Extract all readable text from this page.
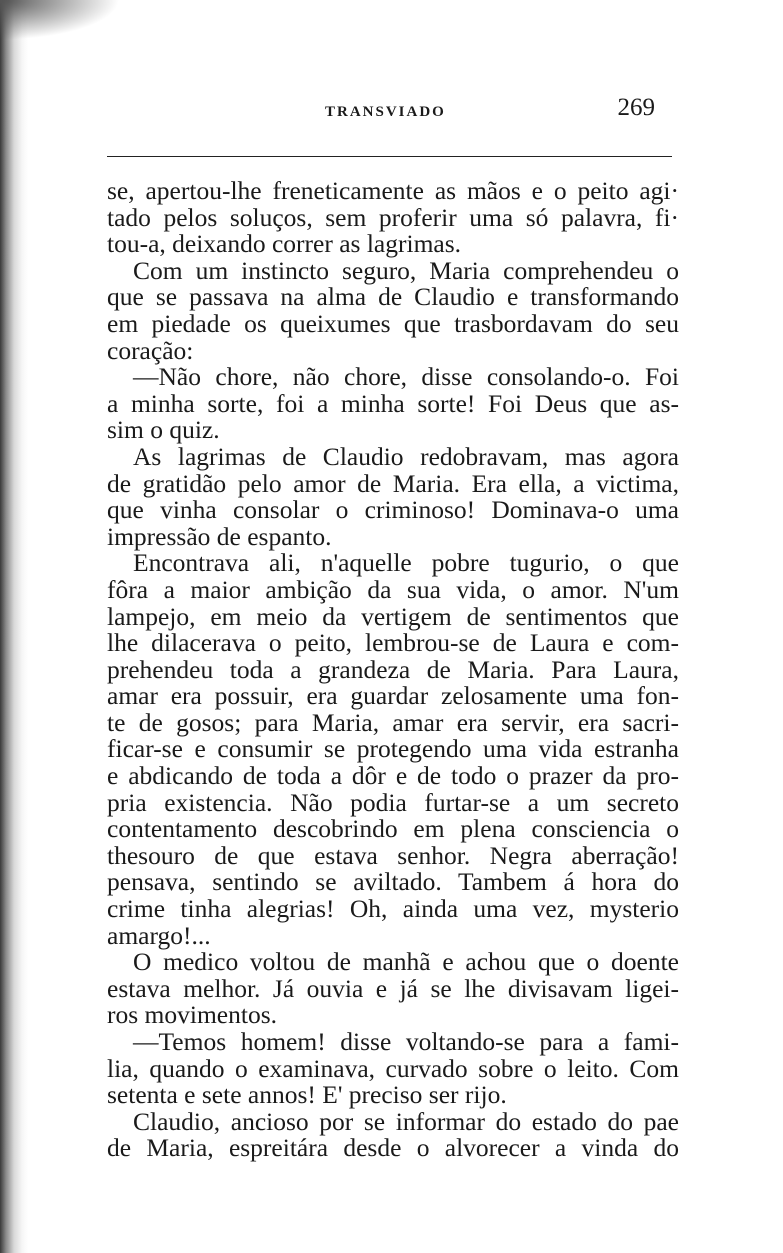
TRANSVIADO	269
se, apertou-lhe freneticamente as mãos e o peito agi·
tado pelos soluços, sem proferir uma só palavra, fi·
tou-a, deixando correr as lagrimas.
Com um instincto seguro, Maria comprehendeu o
que se passava na alma de Claudio e transformando
em piedade os queixumes que trasbordavam do seu
coração:
—Não chore, não chore, disse consolando-o. Foi
a minha sorte, foi a minha sorte! Foi Deus que as-
sim o quiz.
As lagrimas de Claudio redobravam, mas agora
de gratidão pelo amor de Maria. Era ella, a victima,
que vinha consolar o criminoso! Dominava-o uma
impressão de espanto.
Encontrava ali, n'aquelle pobre tugurio, o que
fôra a maior ambição da sua vida, o amor. N'um
lampejo, em meio da vertigem de sentimentos que
lhe dilacerava o peito, lembrou-se de Laura e com-
prehendeu toda a grandeza de Maria. Para Laura,
amar era possuir, era guardar zelosamente uma fon-
te de gosos; para Maria, amar era servir, era sacri-
ficar-se e consumir se protegendo uma vida estranha
e abdicando de toda a dôr e de todo o prazer da pro-
pria existencia. Não podia furtar-se a um secreto
contentamento descobrindo em plena consciencia o
thesouro de que estava senhor. Negra aberração!
pensava, sentindo se aviltado. Tambem á hora do
crime tinha alegrias! Oh, ainda uma vez, mysterio
amargo!...
O medico voltou de manhã e achou que o doente
estava melhor. Já ouvia e já se lhe divisavam ligei-
ros movimentos.
—Temos homem! disse voltando-se para a fami-
lia, quando o examinava, curvado sobre o leito. Com
setenta e sete annos! E' preciso ser rijo.
Claudio, ancioso por se informar do estado do pae
de Maria, espreitára desde o alvorecer a vinda do
